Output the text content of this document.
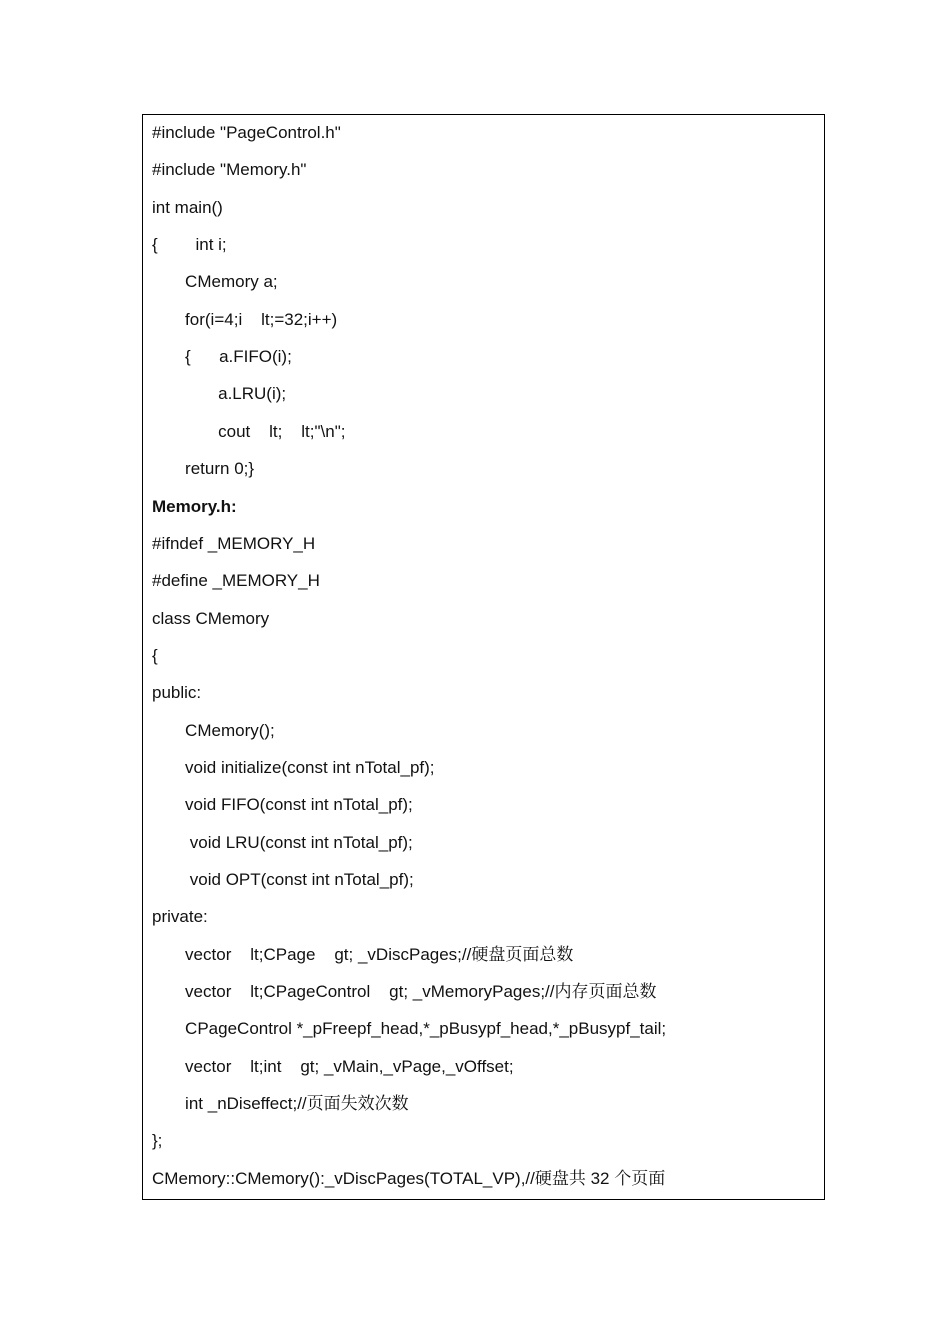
#include "PageControl.h"
#include "Memory.h"
int main()
{        int i;
CMemory a;
for(i=4;i    lt;=32;i++)
{      a.FIFO(i);
a.LRU(i);
cout    lt;    lt;"\n";
return 0;}
Memory.h:
#ifndef _MEMORY_H
#define _MEMORY_H
class CMemory
{
public:
CMemory();
void initialize(const int nTotal_pf);
void FIFO(const int nTotal_pf);
void LRU(const int nTotal_pf);
void OPT(const int nTotal_pf);
private:
vector    lt;CPage    gt; _vDiscPages;//硬盘页面总数
vector    lt;CPageControl    gt; _vMemoryPages;//内存页面总数
CPageControl *_pFreepf_head,*_pBusypf_head,*_pBusypf_tail;
vector    lt;int    gt; _vMain,_vPage,_vOffset;
int _nDiseffect;//页面失效次数
};
CMemory::CMemory():_vDiscPages(TOTAL_VP),//硬盘共 32 个页面
